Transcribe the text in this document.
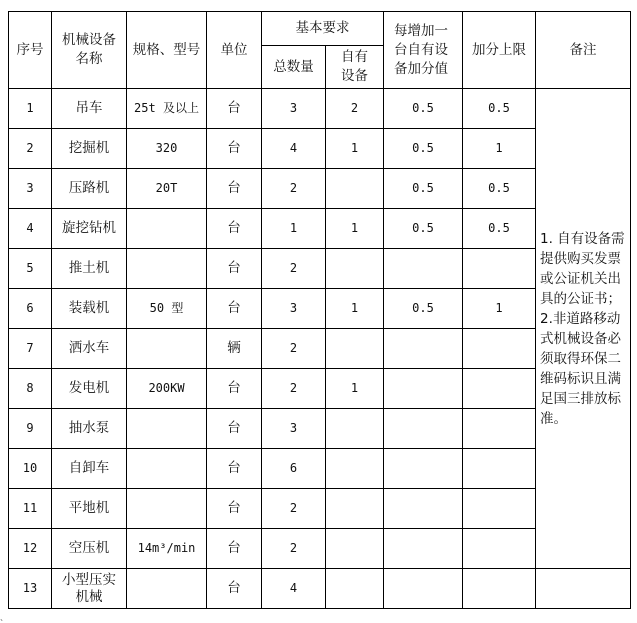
序号	机械设备名称	规格、型号	单位	基本要求		每增加一台自有设备加分值	加分上限	备注
				总数量	自有设备			

1	吊车	25t 及以上	台	3	2	0.5	0.5	1. 自有设备需提供购买发票或公证机关出具的公证书；2.非道路移动式机械设备必须取得环保二维码标识且满足国三排放标准。
2	挖掘机	320	台	4	1	0.5	1	
3	压路机	20T	台	2		0.5	0.5	
4	旋挖钻机		台	1	1	0.5	0.5	
5	推土机		台	2				
6	装载机	50 型	台	3	1	0.5	1	
7	洒水车		辆	2				
8	发电机	200KW	台	2	1			
9	抽水泵		台	3				
10	自卸车		台	6				
11	平地机		台	2				
12	空压机	14m³/min	台	2				
13	小型压实机械		台	4				
、
